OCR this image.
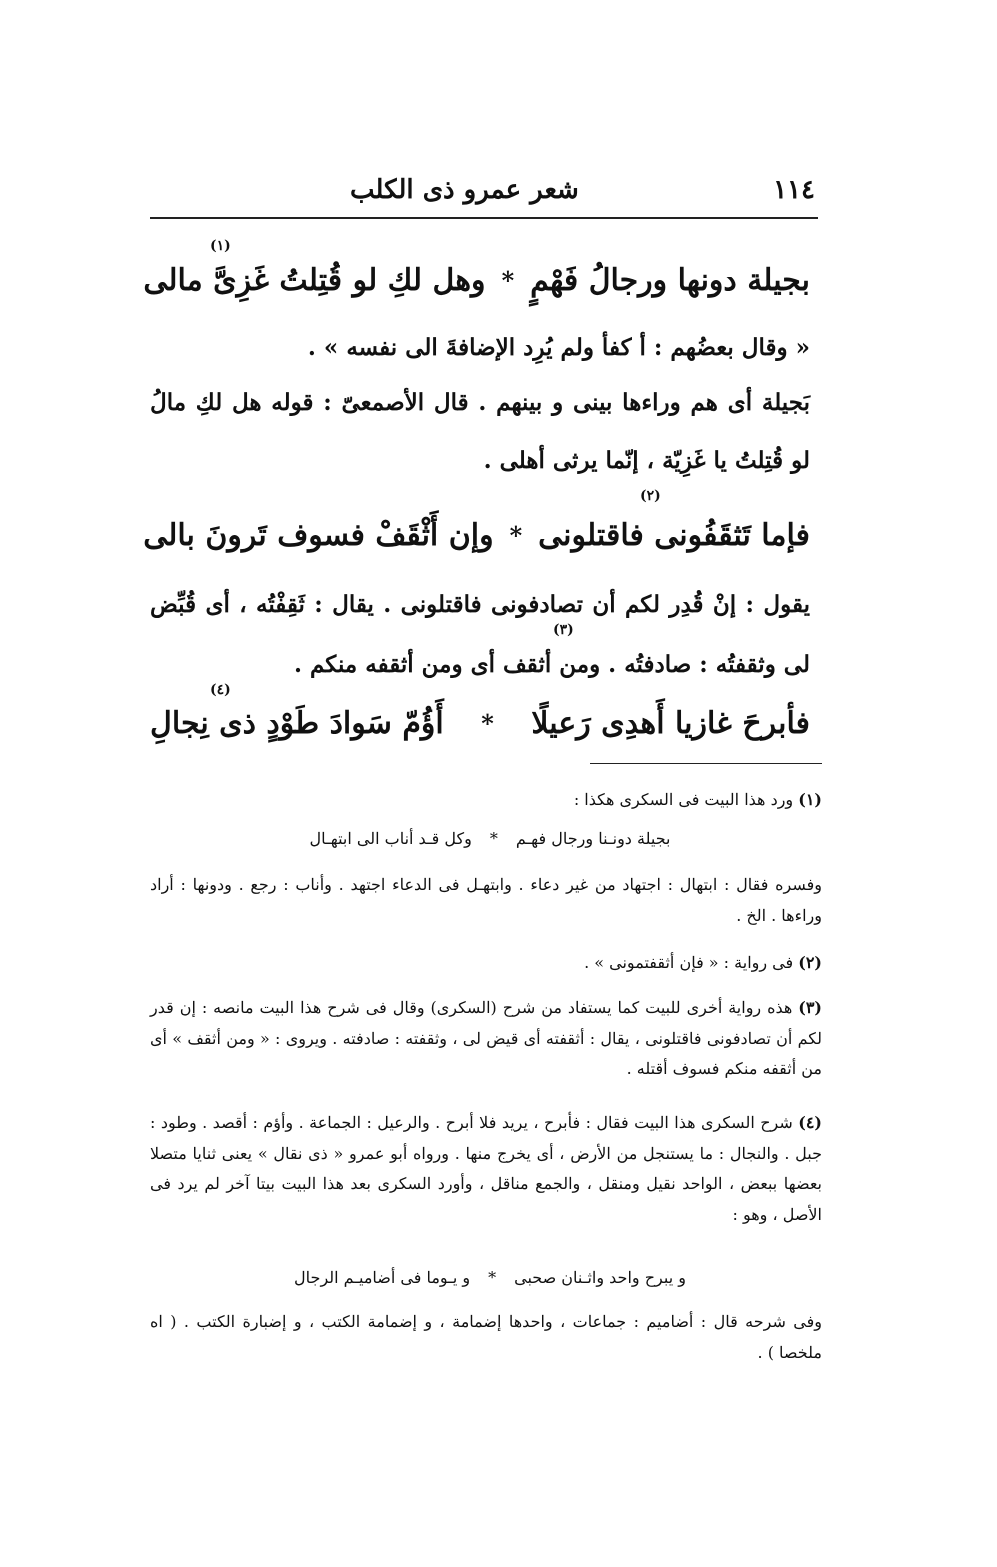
١١٤
شعر عمرو ذى الكلب
(١)
بجيلة دونها ورجالُ فَهْمٍ
*
وهل لكِ لو قُتِلتُ غَزِىَّ مالى
« وقال بعضُهم : أ كفأ ولم يُرِد الإضافةَ الى نفسه » .
بَجيلة أى هم وراءها بينى و بينهم . قال الأصمعىّ : قوله هل لكِ مالُ لو قُتِلتُ يا غَزِيّة ، إنّما يرثى أهلى .
(٢)
فإما تَثقَفُونى فاقتلونى
*
وإن أَثْقَفْ فسوف تَرونَ بالى
(٣)
يقول : إنْ قُدِر لكم أن تصادفونى فاقتلونى . يقال : ثَقِفْتُه ، أى قُبِّض لى وثقفتُه : صادفتُه . ومن أثقف أى ومن أثقفه منكم .
(٤)
فأبرحَ غازيا أَهدِى رَعيلًا
*
أَؤُمّ سَوادَ طَوْدٍ ذى نِجالِ
(١) ورد هذا البيت فى السكرى هكذا :
بجيلة دونـنا ورجال فهـم
*
وكل قـد أناب الى ابتهـال
وفسره فقال : ابتهال : اجتهاد من غير دعاء . وابتهـل فى الدعاء اجتهد . وأناب : رجع . ودونها : أراد وراءها . الخ .
(٢) فى رواية : « فإن أثقفتمونى » .
(٣) هذه رواية أخرى للبيت كما يستفاد من شرح (السكرى) وقال فى شرح هذا البيت مانصه : إن قدر لكم أن تصادفونى فاقتلونى ، يقال : أثقفته أى قيض لى ، وثقفته : صادفته . ويروى : « ومن أثقف » أى من أثقفه منكم فسوف أقتله .
(٤) شرح السكرى هذا البيت فقال : فأبرح ، يريد فلا أبرح . والرعيل : الجماعة . وأؤم : أقصد . وطود : جبل . والنجال : ما يستنجل من الأرض ، أى يخرج منها . ورواه أبو عمرو « ذى نقال » يعنى ثنايا متصلا بعضها ببعض ، الواحد نقيل ومنقل ، والجمع مناقل ، وأورد السكرى بعد هذا البيت بيتا آخر لم يرد فى الأصل ، وهو :
و يبرح واحد واثـنان صحبى
*
و يـوما فى أضاميـم الرجال
وفى شرحه قال : أضاميم : جماعات ، واحدها إضمامة ، و إضمامة الكتب ، و إضبارة الكتب . ( اه ملخصا ) .
